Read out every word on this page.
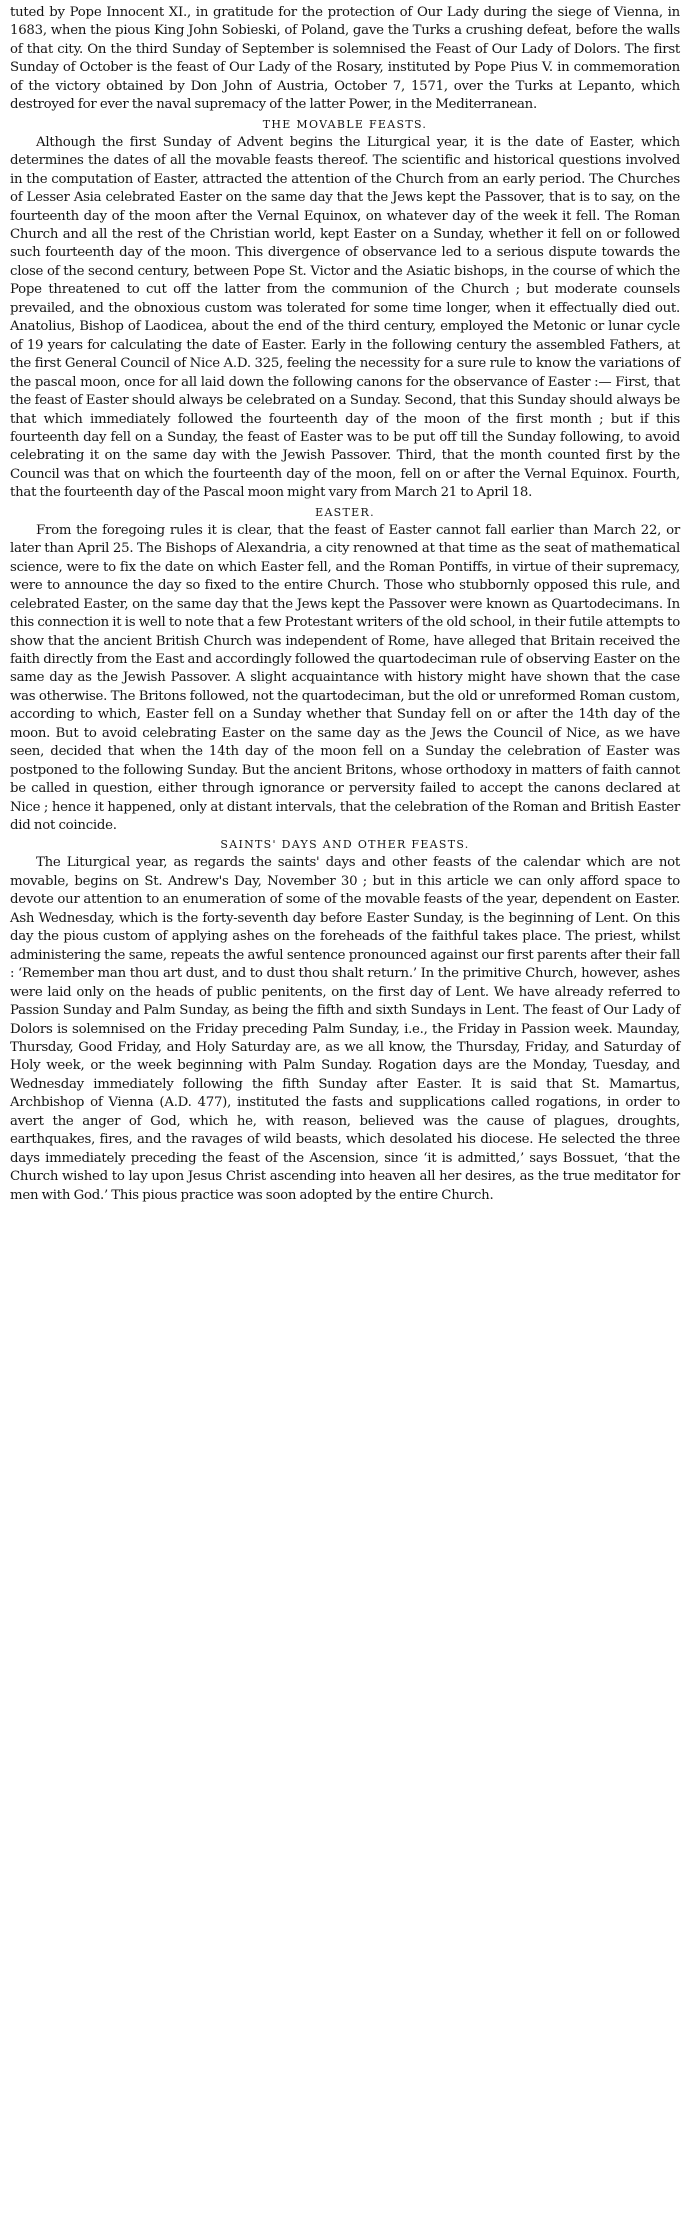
tuted by Pope Innocent XI., in gratitude for the protection of Our Lady during the siege of Vienna, in 1683, when the pious King John Sobieski, of Poland, gave the Turks a crushing defeat, before the walls of that city. On the third Sunday of September is solemnised the Feast of Our Lady of Dolors. The first Sunday of October is the feast of Our Lady of the Rosary, instituted by Pope Pius V. in commemoration of the victory obtained by Don John of Austria, October 7, 1571, over the Turks at Lepanto, which destroyed for ever the naval supremacy of the latter Power, in the Mediterranean.

THE MOVABLE FEASTS.

Although the first Sunday of Advent begins the Liturgical year, it is the date of Easter, which determines the dates of all the movable feasts thereof. The scientific and historical questions involved in the computation of Easter, attracted the attention of the Church from an early period. The Churches of Lesser Asia celebrated Easter on the same day that the Jews kept the Passover, that is to say, on the fourteenth day of the moon after the Vernal Equinox, on whatever day of the week it fell. The Roman Church and all the rest of the Christian world, kept Easter on a Sunday, whether it fell on or followed such fourteenth day of the moon. This divergence of observance led to a serious dispute towards the close of the second century, between Pope St. Victor and the Asiatic bishops, in the course of which the Pope threatened to cut off the latter from the communion of the Church ; but moderate counsels prevailed, and the obnoxious custom was tolerated for some time longer, when it effectually died out. Anatolius, Bishop of Laodicea, about the end of the third century, employed the Metonic or lunar cycle of 19 years for calculating the date of Easter. Early in the following century the assembled Fathers, at the first General Council of Nice A.D. 325, feeling the necessity for a sure rule to know the variations of the pascal moon, once for all laid down the following canons for the observance of Easter :— First, that the feast of Easter should always be celebrated on a Sunday. Second, that this Sunday should always be that which immediately followed the fourteenth day of the moon of the first month ; but if this fourteenth day fell on a Sunday, the feast of Easter was to be put off till the Sunday following, to avoid celebrating it on the same day with the Jewish Passover. Third, that the month counted first by the Council was that on which the fourteenth day of the moon, fell on or after the Vernal Equinox. Fourth, that the fourteenth day of the Pascal moon might vary from March 21 to April 18.

EASTER.

From the foregoing rules it is clear, that the feast of Easter cannot fall earlier than March 22, or later than April 25. The Bishops of Alexandria, a city renowned at that time as the seat of mathematical science, were to fix the date on which Easter fell, and the Roman Pontiffs, in virtue of their supremacy, were to announce the day so fixed to the entire Church. Those who stubbornly opposed this rule, and celebrated Easter, on the same day that the Jews kept the Passover were known as Quartodecimans. In this connection it is well to note that a few Protestant writers of the old school, in their futile attempts to show that the ancient British Church was independent of Rome, have alleged that Britain received the faith directly from the East and accordingly followed the quartodeciman rule of observing Easter on the same day as the Jewish Passover. A slight acquaintance with history might have shown that the case was otherwise. The Britons followed, not the quartodeciman, but the old or unreformed Roman custom, according to which, Easter fell on a Sunday whether that Sunday fell on or after the 14th day of the moon. But to avoid celebrating Easter on the same day as the Jews the Council of Nice, as we have seen, decided that when the 14th day of the moon fell on a Sunday the celebration of Easter was postponed to the following Sunday. But the ancient Britons, whose orthodoxy in matters of faith cannot be called in question, either through ignorance or perversity failed to accept the canons declared at Nice ; hence it happened, only at distant intervals, that the celebration of the Roman and British Easter did not coincide.

SAINTS' DAYS AND OTHER FEASTS.

The Liturgical year, as regards the saints' days and other feasts of the calendar which are not movable, begins on St. Andrew's Day, November 30 ; but in this article we can only afford space to devote our attention to an enumeration of some of the movable feasts of the year, dependent on Easter. Ash Wednesday, which is the forty-seventh day before Easter Sunday, is the beginning of Lent. On this day the pious custom of applying ashes on the foreheads of the faithful takes place. The priest, whilst administering the same, repeats the awful sentence pronounced against our first parents after their fall : ‘Remember man thou art dust, and to dust thou shalt return.’ In the primitive Church, however, ashes were laid only on the heads of public penitents, on the first day of Lent. We have already referred to Passion Sunday and Palm Sunday, as being the fifth and sixth Sundays in Lent. The feast of Our Lady of Dolors is solemnised on the Friday preceding Palm Sunday, i.e., the Friday in Passion week. Maunday, Thursday, Good Friday, and Holy Saturday are, as we all know, the Thursday, Friday, and Saturday of Holy week, or the week beginning with Palm Sunday. Rogation days are the Monday, Tuesday, and Wednesday immediately following the fifth Sunday after Easter. It is said that St. Mamartus, Archbishop of Vienna (A.D. 477), instituted the fasts and supplications called rogations, in order to avert the anger of God, which he, with reason, believed was the cause of plagues, droughts, earthquakes, fires, and the ravages of wild beasts, which desolated his diocese. He selected the three days immediately preceding the feast of the Ascension, since ‘it is admitted,’ says Bossuet, ‘that the Church wished to lay upon Jesus Christ ascending into heaven all her desires, as the true meditator for men with God.’ This pious practice was soon adopted by the entire Church.
